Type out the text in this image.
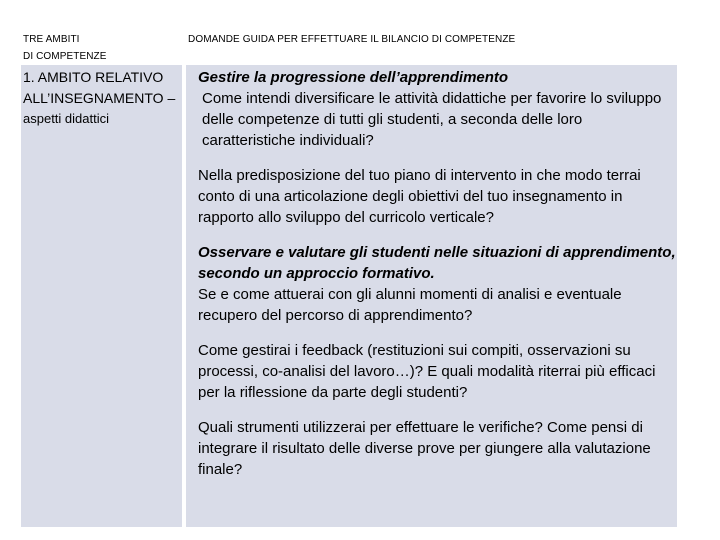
TRE AMBITI
DI COMPETENZE
DOMANDE GUIDA PER EFFETTUARE IL BILANCIO DI COMPETENZE
1. AMBITO RELATIVO
ALL’INSEGNAMENTO –
aspetti didattici
Gestire la progressione dell’apprendimento
Come intendi diversificare le attività didattiche per favorire lo sviluppo delle competenze di tutti gli studenti, a seconda delle loro caratteristiche individuali?
Nella predisposizione del tuo piano di intervento in che modo terrai conto di una articolazione degli obiettivi del tuo insegnamento in rapporto allo sviluppo del curricolo verticale?
Osservare e valutare gli studenti nelle situazioni di apprendimento, secondo un approccio formativo.
Se e come attuerai con gli alunni momenti di analisi e eventuale recupero del percorso di apprendimento?
Come gestirai i feedback (restituzioni sui compiti, osservazioni su processi, co-analisi del lavoro…)? E quali modalità riterrai più efficaci per la riflessione da parte degli studenti?
Quali strumenti utilizzerai per effettuare le verifiche? Come pensi di integrare il risultato delle diverse prove per giungere alla valutazione finale?
